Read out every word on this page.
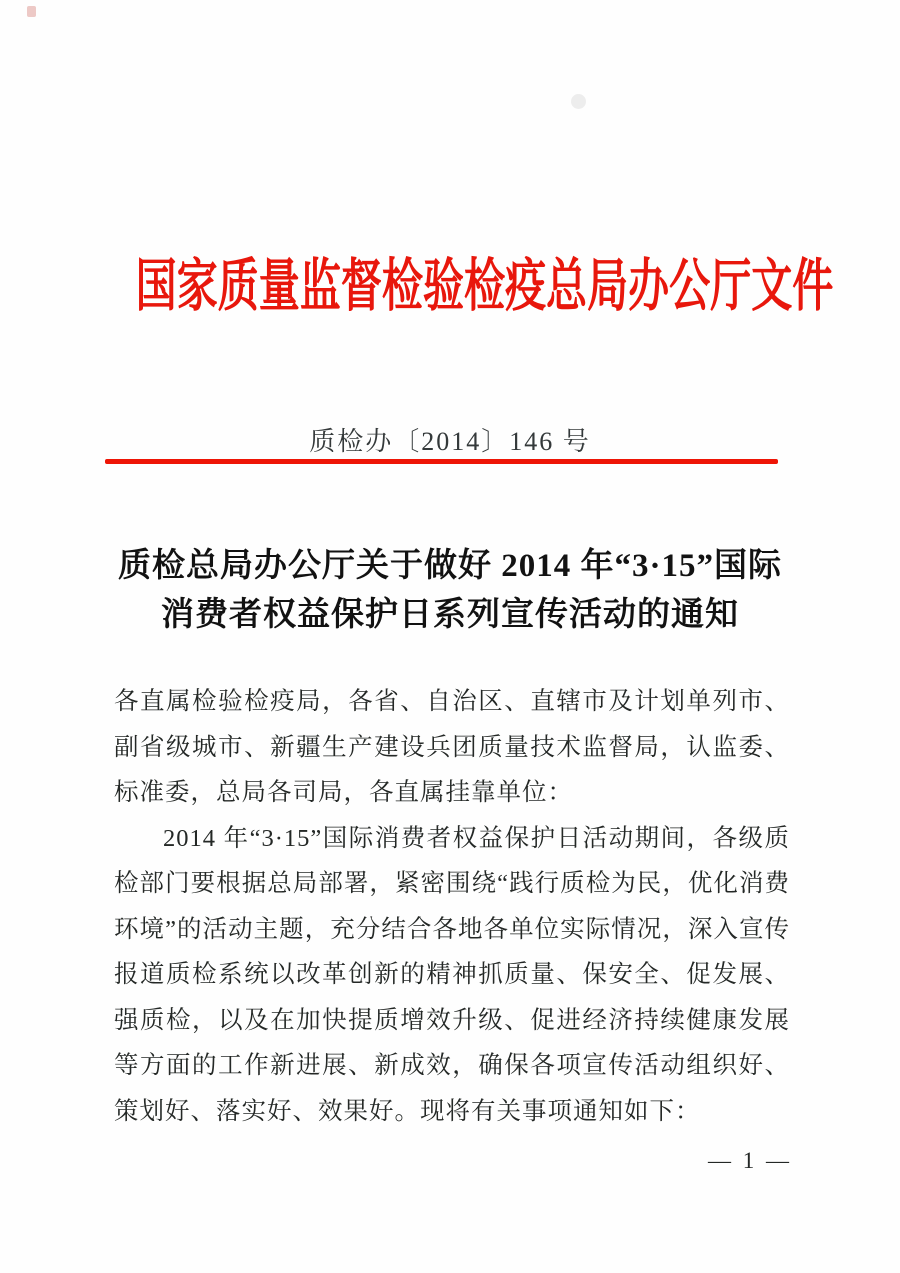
国家质量监督检验检疫总局办公厅文件
质检办〔2014〕146 号
质检总局办公厅关于做好 2014 年“3·15”国际
消费者权益保护日系列宣传活动的通知

各直属检验检疫局，各省、自治区、直辖市及计划单列市、副省级城市、新疆生产建设兵团质量技术监督局，认监委、标准委，总局各司局，各直属挂靠单位：

2014 年“3·15”国际消费者权益保护日活动期间，各级质检部门要根据总局部署，紧密围绕“践行质检为民，优化消费环境”的活动主题，充分结合各地各单位实际情况，深入宣传报道质检系统以改革创新的精神抓质量、保安全、促发展、强质检，以及在加快提质增效升级、促进经济持续健康发展等方面的工作新进展、新成效，确保各项宣传活动组织好、策划好、落实好、效果好。现将有关事项通知如下：

— 1 —
